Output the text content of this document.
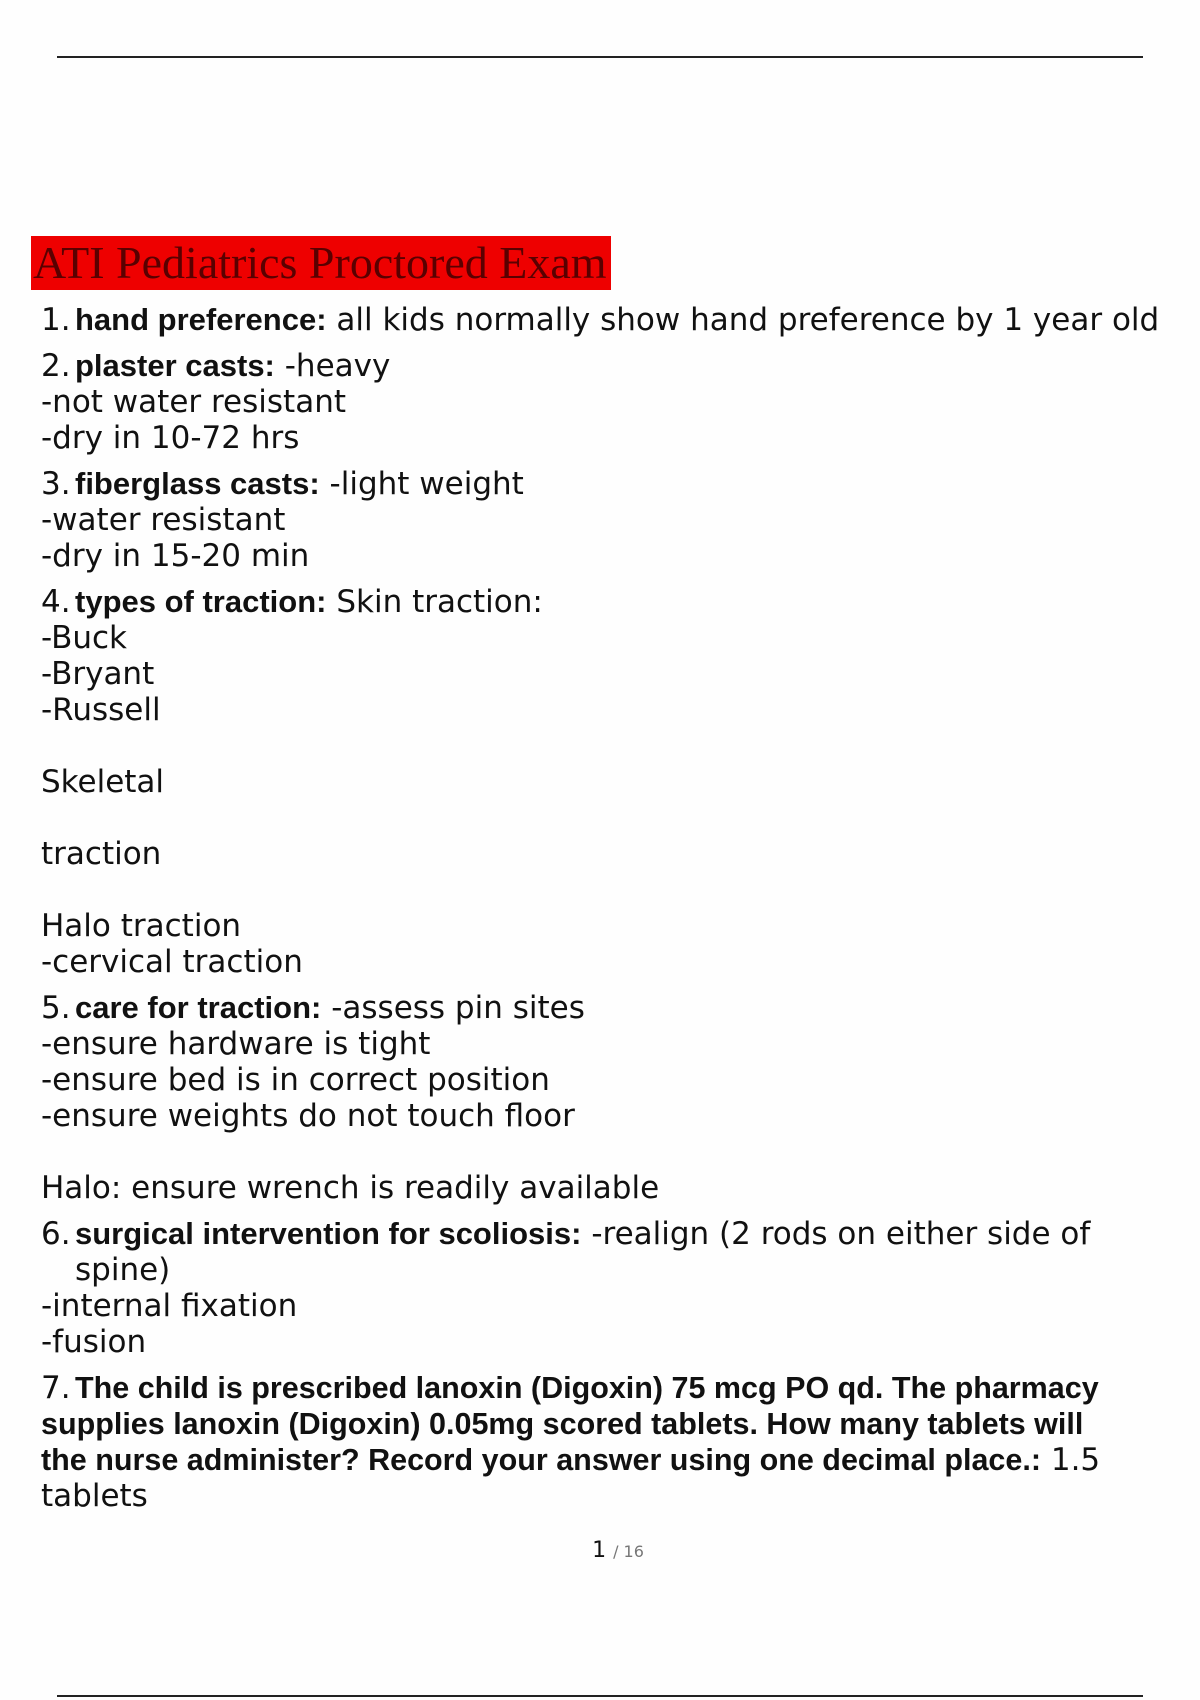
ATI Pediatrics Proctored Exam
1. hand preference: all kids normally show hand preference by 1 year old
2. plaster casts: -heavy
-not water resistant
-dry in 10-72 hrs
3. fiberglass casts: -light weight
-water resistant
-dry in 15-20 min
4. types of traction: Skin traction:
-Buck
-Bryant
-Russell
Skeletal
traction
Halo traction
-cervical traction
5. care for traction: -assess pin sites
-ensure hardware is tight
-ensure bed is in correct position
-ensure weights do not touch floor
Halo: ensure wrench is readily available
6. surgical intervention for scoliosis: -realign (2 rods on either side of
spine)
-internal fixation
-fusion
7. The child is prescribed lanoxin (Digoxin) 75 mcg PO qd. The pharmacy
supplies lanoxin (Digoxin) 0.05mg scored tablets. How many tablets will
the nurse administer? Record your answer using one decimal place.: 1.5
tablets
1 / 16
